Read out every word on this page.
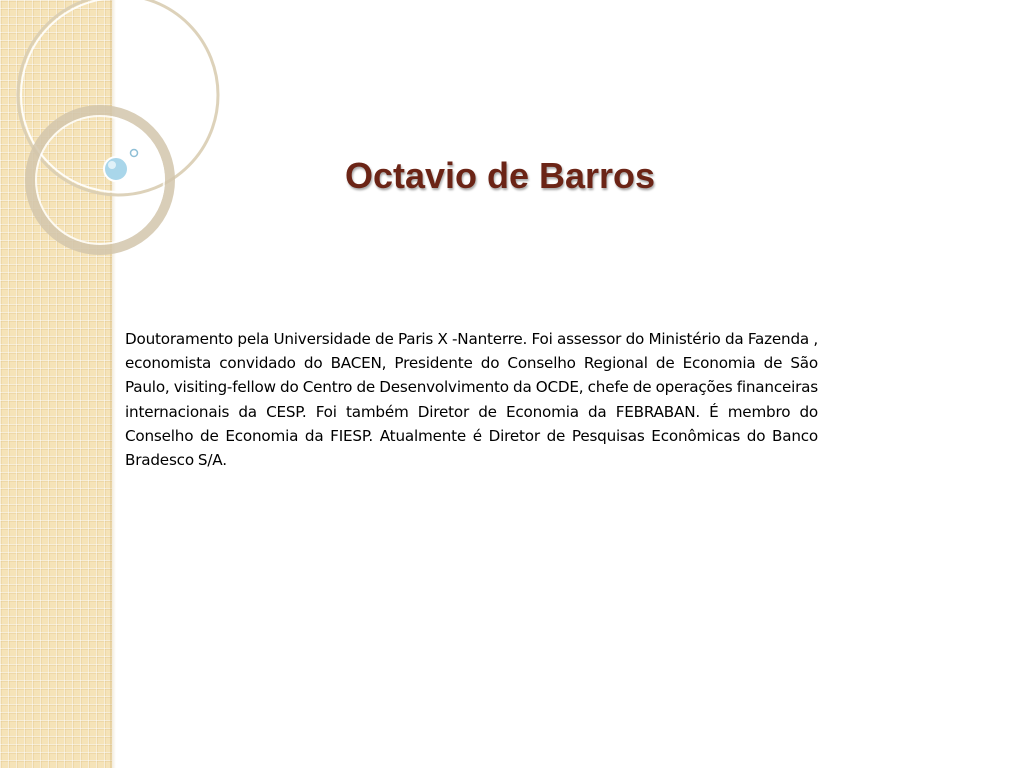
Octavio de Barros

Doutoramento pela Universidade de Paris X -Nanterre. Foi assessor do Ministério da Fazenda , economista convidado do BACEN, Presidente do Conselho Regional de Economia de São Paulo, visiting-fellow do Centro de Desenvolvimento da OCDE, chefe de operações financeiras internacionais da CESP. Foi também Diretor de Economia da FEBRABAN. É membro do Conselho de Economia da FIESP. Atualmente é Diretor de Pesquisas Econômicas do Banco Bradesco S/A.
